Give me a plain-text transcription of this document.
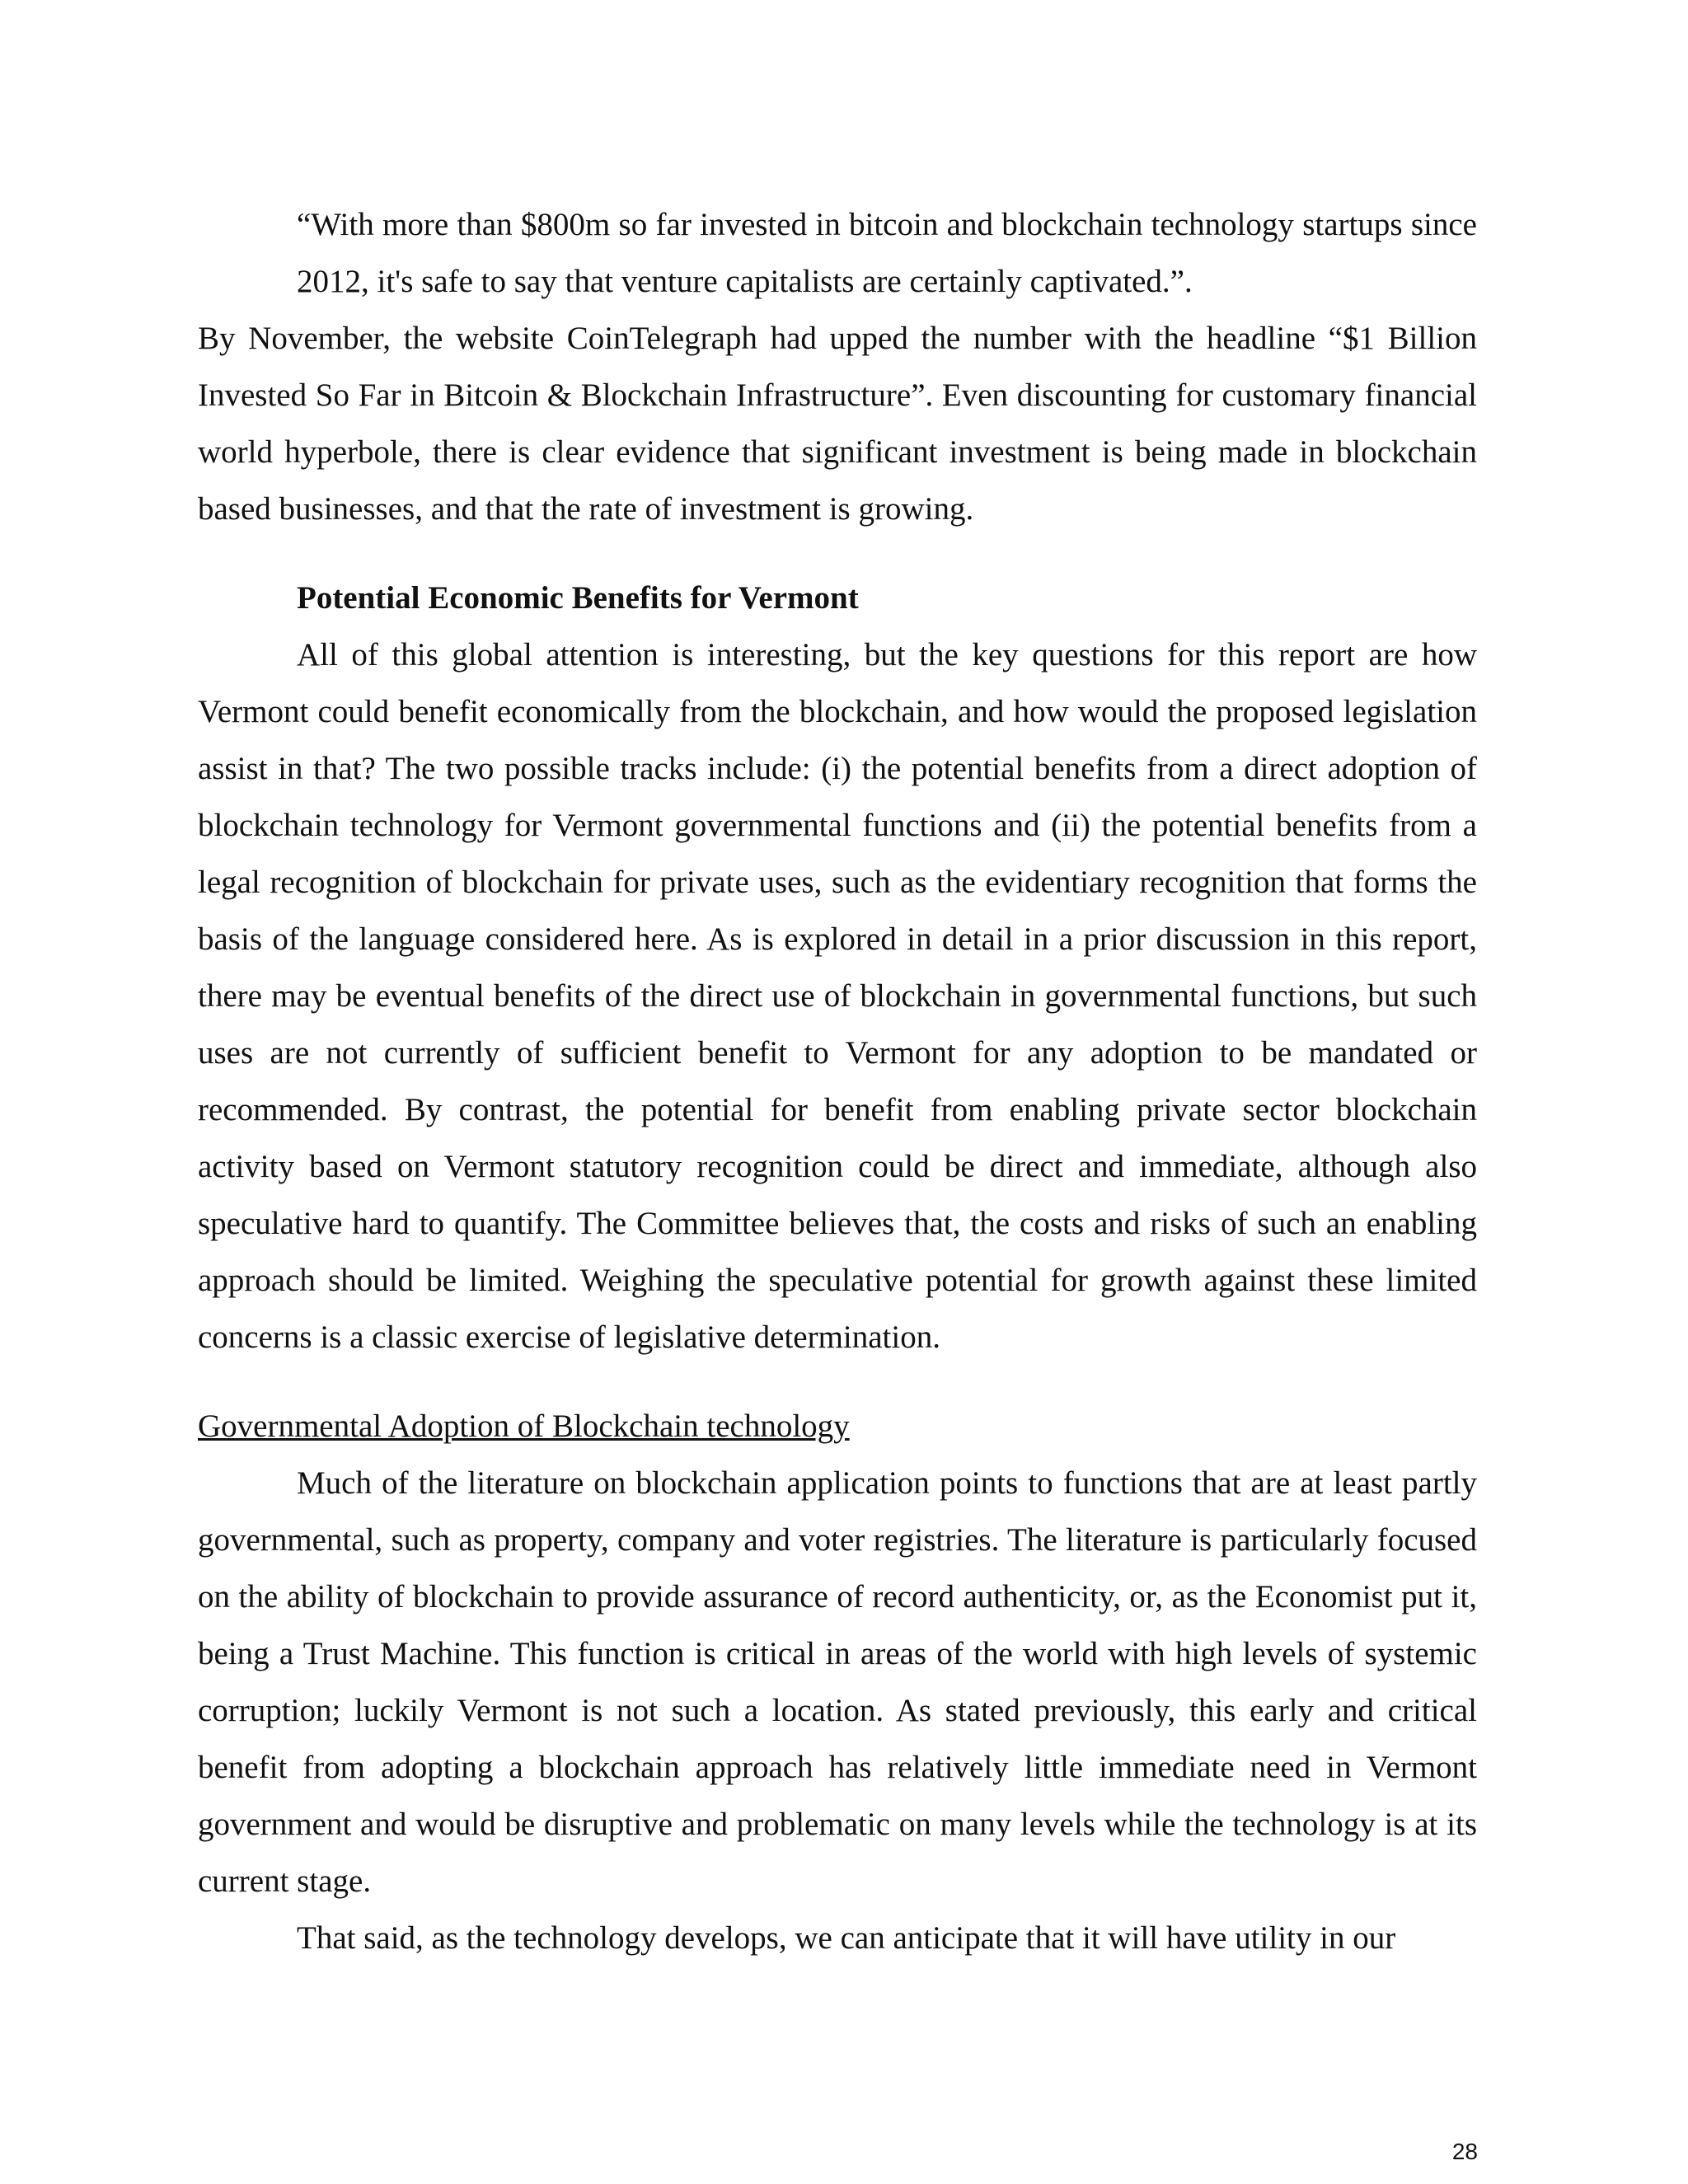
“With more than $800m so far invested in bitcoin and blockchain technology startups since 2012, it's safe to say that venture capitalists are certainly captivated.”.

By November, the website CoinTelegraph had upped the number with the headline “$1 Billion Invested So Far in Bitcoin & Blockchain Infrastructure”. Even discounting for customary financial world hyperbole, there is clear evidence that significant investment is being made in blockchain based businesses, and that the rate of investment is growing.

Potential Economic Benefits for Vermont

All of this global attention is interesting, but the key questions for this report are how Vermont could benefit economically from the blockchain, and how would the proposed legislation assist in that? The two possible tracks include: (i) the potential benefits from a direct adoption of blockchain technology for Vermont governmental functions and (ii) the potential benefits from a legal recognition of blockchain for private uses, such as the evidentiary recognition that forms the basis of the language considered here. As is explored in detail in a prior discussion in this report, there may be eventual benefits of the direct use of blockchain in governmental functions, but such uses are not currently of sufficient benefit to Vermont for any adoption to be mandated or recommended. By contrast, the potential for benefit from enabling private sector blockchain activity based on Vermont statutory recognition could be direct and immediate, although also speculative hard to quantify. The Committee believes that, the costs and risks of such an enabling approach should be limited. Weighing the speculative potential for growth against these limited concerns is a classic exercise of legislative determination.

Governmental Adoption of Blockchain technology

Much of the literature on blockchain application points to functions that are at least partly governmental, such as property, company and voter registries. The literature is particularly focused on the ability of blockchain to provide assurance of record authenticity, or, as the Economist put it, being a Trust Machine. This function is critical in areas of the world with high levels of systemic corruption; luckily Vermont is not such a location. As stated previously, this early and critical benefit from adopting a blockchain approach has relatively little immediate need in Vermont government and would be disruptive and problematic on many levels while the technology is at its current stage.

That said, as the technology develops, we can anticipate that it will have utility in our

28
